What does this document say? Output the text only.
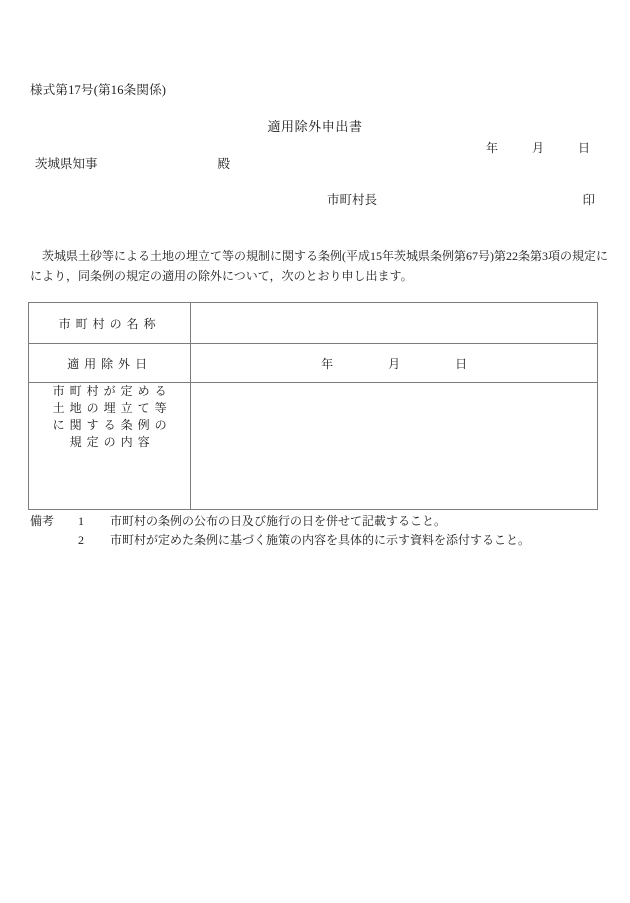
様式第17号(第16条関係)
適用除外申出書
年	月	日
茨城県知事	殿
市町村長	印
茨城県土砂等による土地の埋立て等の規制に関する条例(平成15年茨城県条例第67号)第22条第3項の規定に
により，同条例の規定の適用の除外について，次のとおり申し出ます。
市町村の名称	
適用除外日	年 月 日

市町村が定める
土地の埋立て等
に関する条例の
規定の内容	

備考	1	市町村の条例の公布の日及び施行の日を併せて記載すること。
2	市町村が定めた条例に基づく施策の内容を具体的に示す資料を添付すること。
